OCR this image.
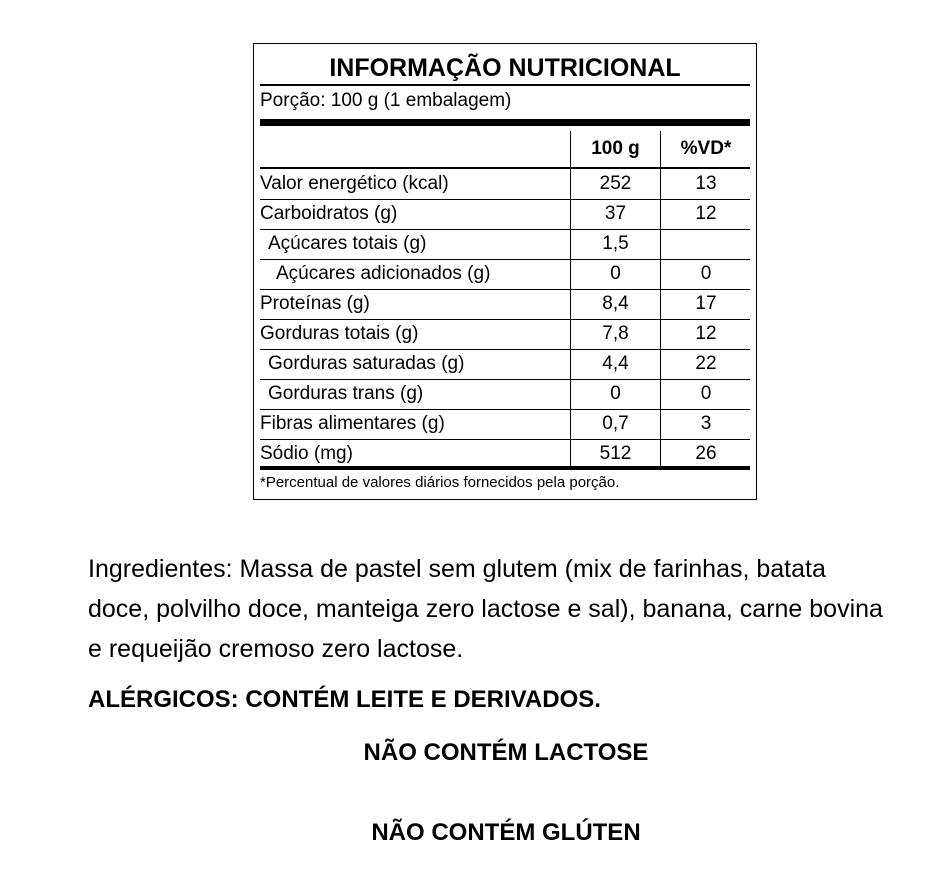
INFORMAÇÃO NUTRICIONAL
Porção: 100 g (1 embalagem)
100 g	%VD*
Valor energético (kcal)	252	13
Carboidratos (g)	37	12
Açúcares totais (g)	1,5
Açúcares adicionados (g)	0	0
Proteínas (g)	8,4	17
Gorduras totais (g)	7,8	12
Gorduras saturadas (g)	4,4	22
Gorduras trans (g)	0	0
Fibras alimentares (g)	0,7	3
Sódio (mg)	512	26
*Percentual de valores diários fornecidos pela porção.
Ingredientes: Massa de pastel sem glutem (mix de farinhas, batata doce, polvilho doce, manteiga zero lactose e sal), banana, carne bovina e requeijão cremoso zero lactose.
ALÉRGICOS: CONTÉM LEITE E DERIVADOS.
NÃO CONTÉM LACTOSE
NÃO CONTÉM GLÚTEN
